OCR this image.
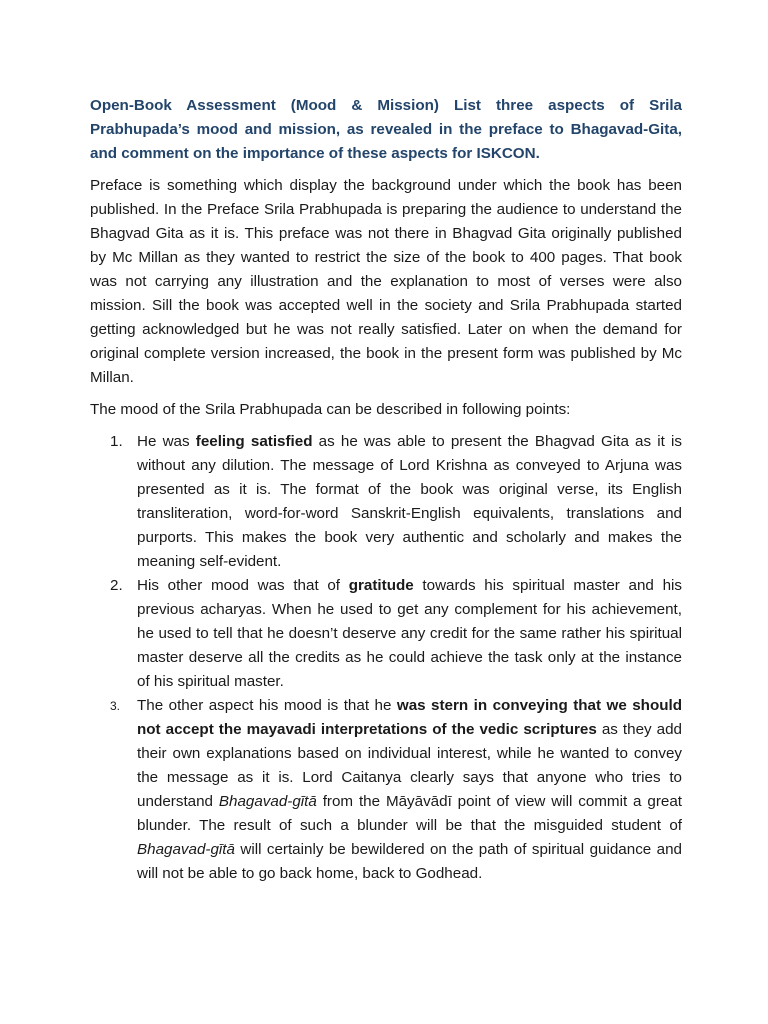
Open-Book Assessment (Mood & Mission) List three aspects of Srila Prabhupada’s mood and mission, as revealed in the preface to Bhagavad-Gita, and comment on the importance of these aspects for ISKCON.

Preface is something which display the background under which the book has been published. In the Preface Srila Prabhupada is preparing the audience to understand the Bhagvad Gita as it is. This preface was not there in Bhagvad Gita originally published by Mc Millan as they wanted to restrict the size of the book to 400 pages. That book was not carrying any illustration and the explanation to most of verses were also mission. Sill the book was accepted well in the society and Srila Prabhupada started getting acknowledged but he was not really satisfied. Later on when the demand for original complete version increased, the book in the present form was published by Mc Millan.

The mood of the Srila Prabhupada can be described in following points:

1. He was feeling satisfied as he was able to present the Bhagvad Gita as it is without any dilution. The message of Lord Krishna as conveyed to Arjuna was presented as it is. The format of the book was original verse, its English transliteration, word-for-word Sanskrit-English equivalents, translations and purports. This makes the book very authentic and scholarly and makes the meaning self-evident.
2. His other mood was that of gratitude towards his spiritual master and his previous acharyas. When he used to get any complement for his achievement, he used to tell that he doesn’t deserve any credit for the same rather his spiritual master deserve all the credits as he could achieve the task only at the instance of his spiritual master.
3. The other aspect his mood is that he was stern in conveying that we should not accept the mayavadi interpretations of the vedic scriptures as they add their own explanations based on individual interest, while he wanted to convey the message as it is. Lord Caitanya clearly says that anyone who tries to understand Bhagavad-gītā from the Māyāvādī point of view will commit a great blunder. The result of such a blunder will be that the misguided student of Bhagavad-gītā will certainly be bewildered on the path of spiritual guidance and will not be able to go back home, back to Godhead.
